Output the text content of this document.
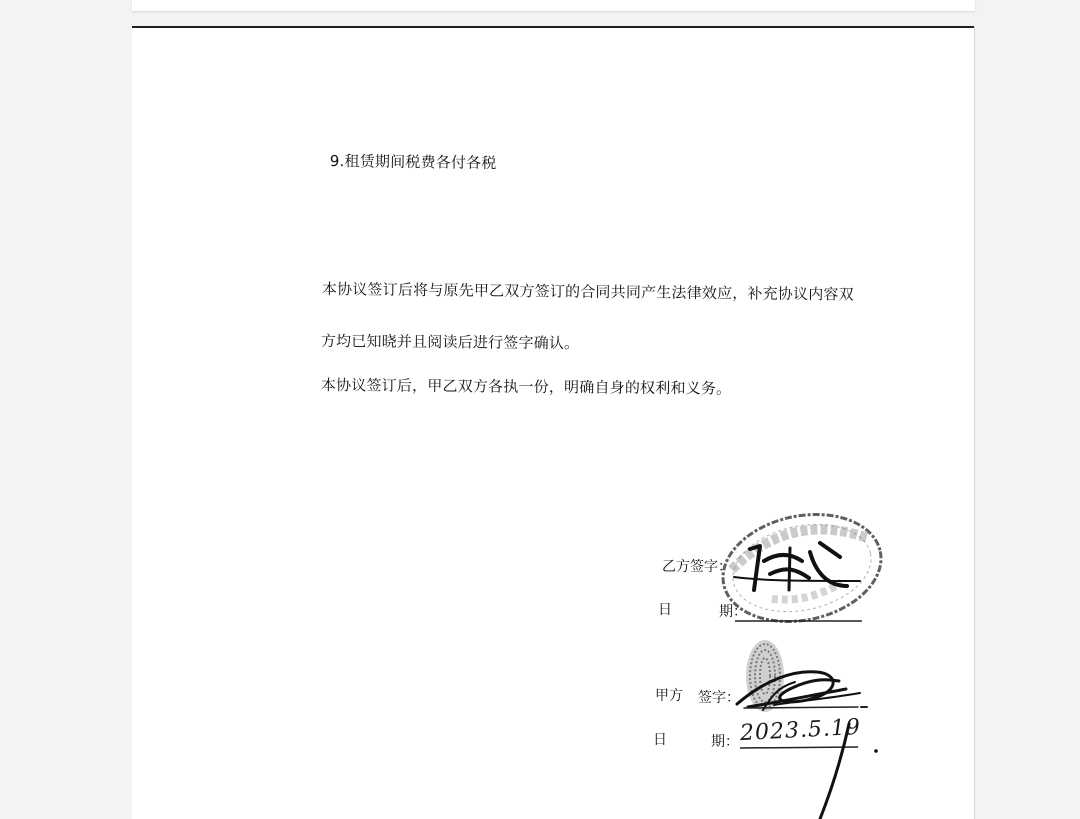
9.租赁期间税费各付各税
本协议签订后将与原先甲乙双方签订的合同共同产生法律效应，补充协议内容双
方均已知晓并且阅读后进行签字确认。
本协议签订后，甲乙双方各执一份，明确自身的权利和义务。
乙方签字：
日	期：
甲方 签字：
日	期： 2023.5.19
